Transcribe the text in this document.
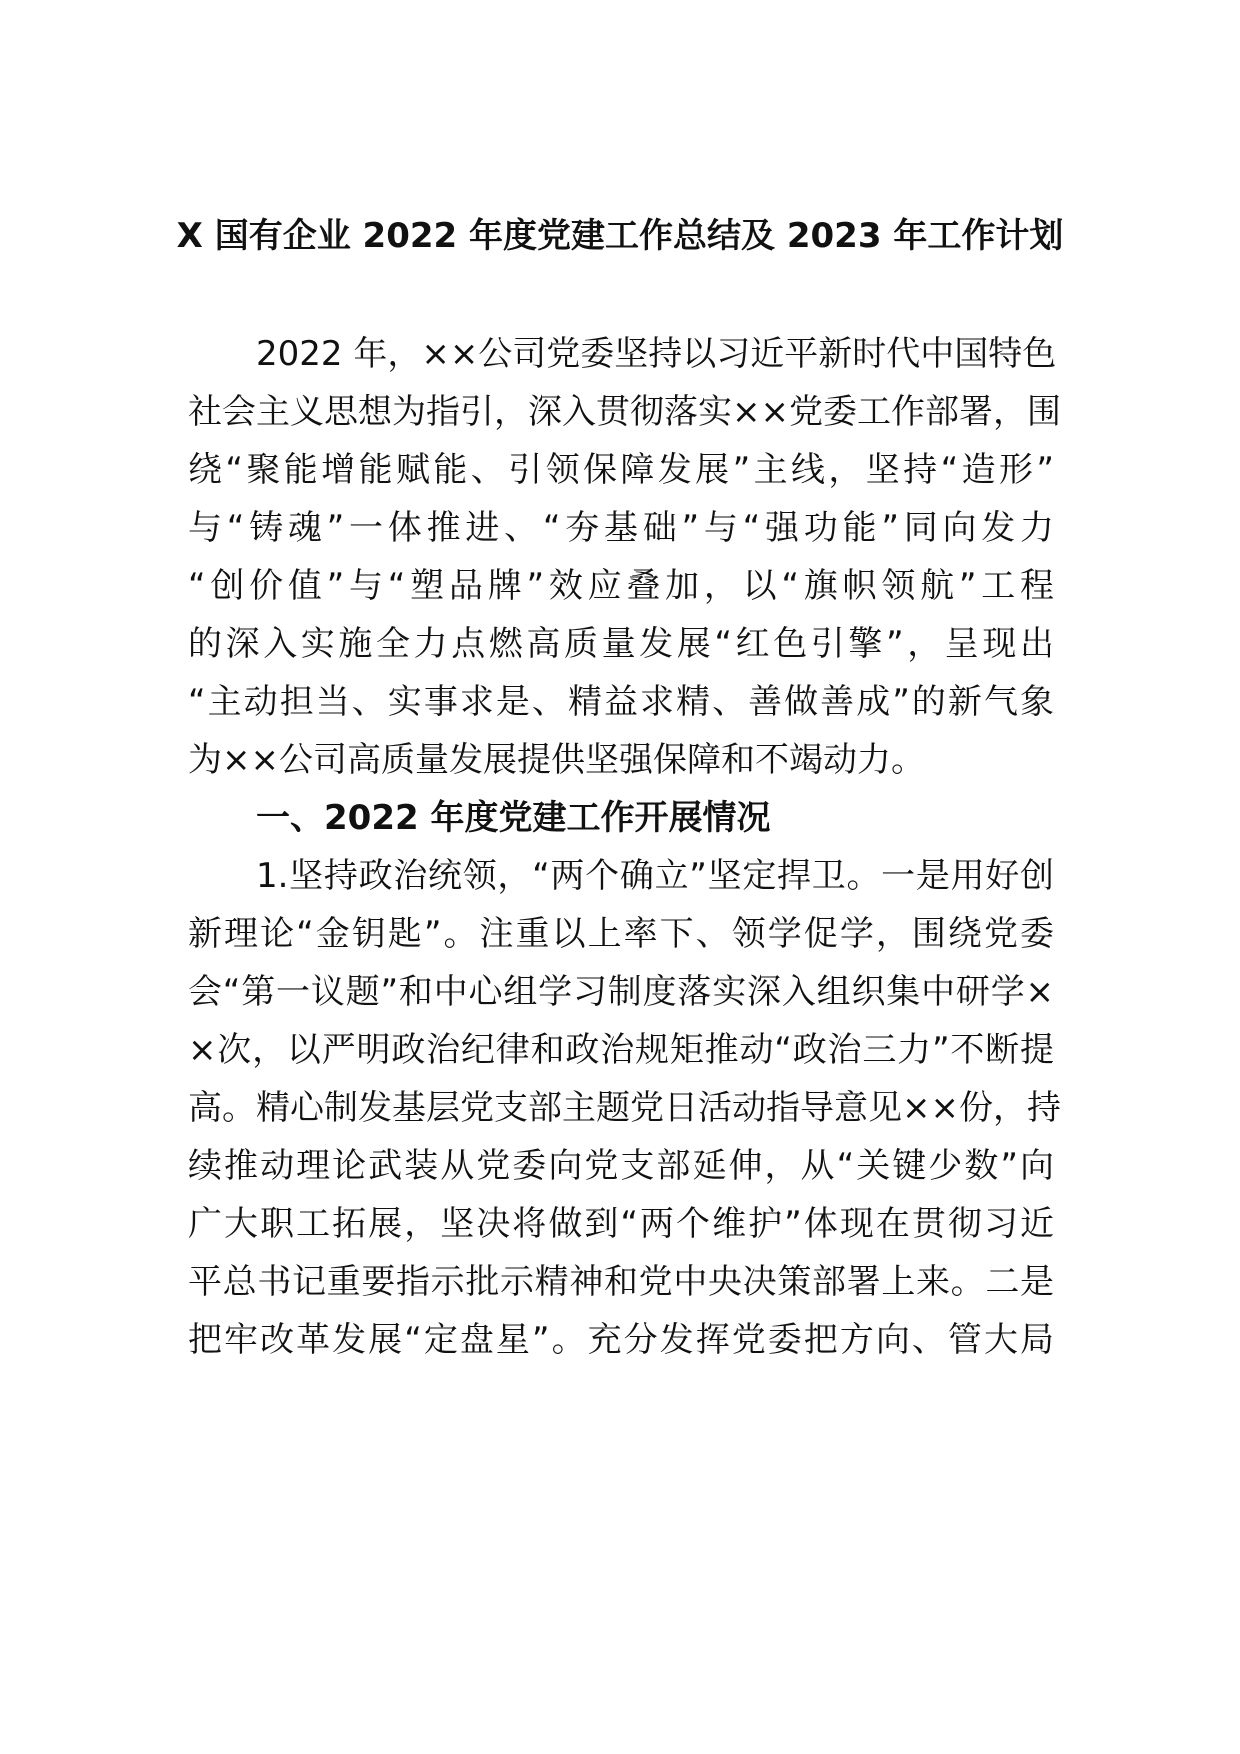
X 国有企业 2022 年度党建工作总结及 2023 年工作计划
2022 年，××公司党委坚持以习近平新时代中国特色
社会主义思想为指引，深入贯彻落实××党委工作部署，围
绕“聚能增能赋能、引领保障发展”主线，坚持“造形”
与“铸魂”一体推进、“夯基础”与“强功能”同向发力
“创价值”与“塑品牌”效应叠加，以“旗帜领航”工程
的深入实施全力点燃高质量发展“红色引擎”，呈现出
“主动担当、实事求是、精益求精、善做善成”的新气象
为××公司高质量发展提供坚强保障和不竭动力。
一、2022 年度党建工作开展情况
1.坚持政治统领，“两个确立”坚定捍卫。一是用好创
新理论“金钥匙”。注重以上率下、领学促学，围绕党委
会“第一议题”和中心组学习制度落实深入组织集中研学×
×次，以严明政治纪律和政治规矩推动“政治三力”不断提
高。精心制发基层党支部主题党日活动指导意见××份，持
续推动理论武装从党委向党支部延伸，从“关键少数”向
广大职工拓展，坚决将做到“两个维护”体现在贯彻习近
平总书记重要指示批示精神和党中央决策部署上来。二是
把牢改革发展“定盘星”。充分发挥党委把方向、管大局
